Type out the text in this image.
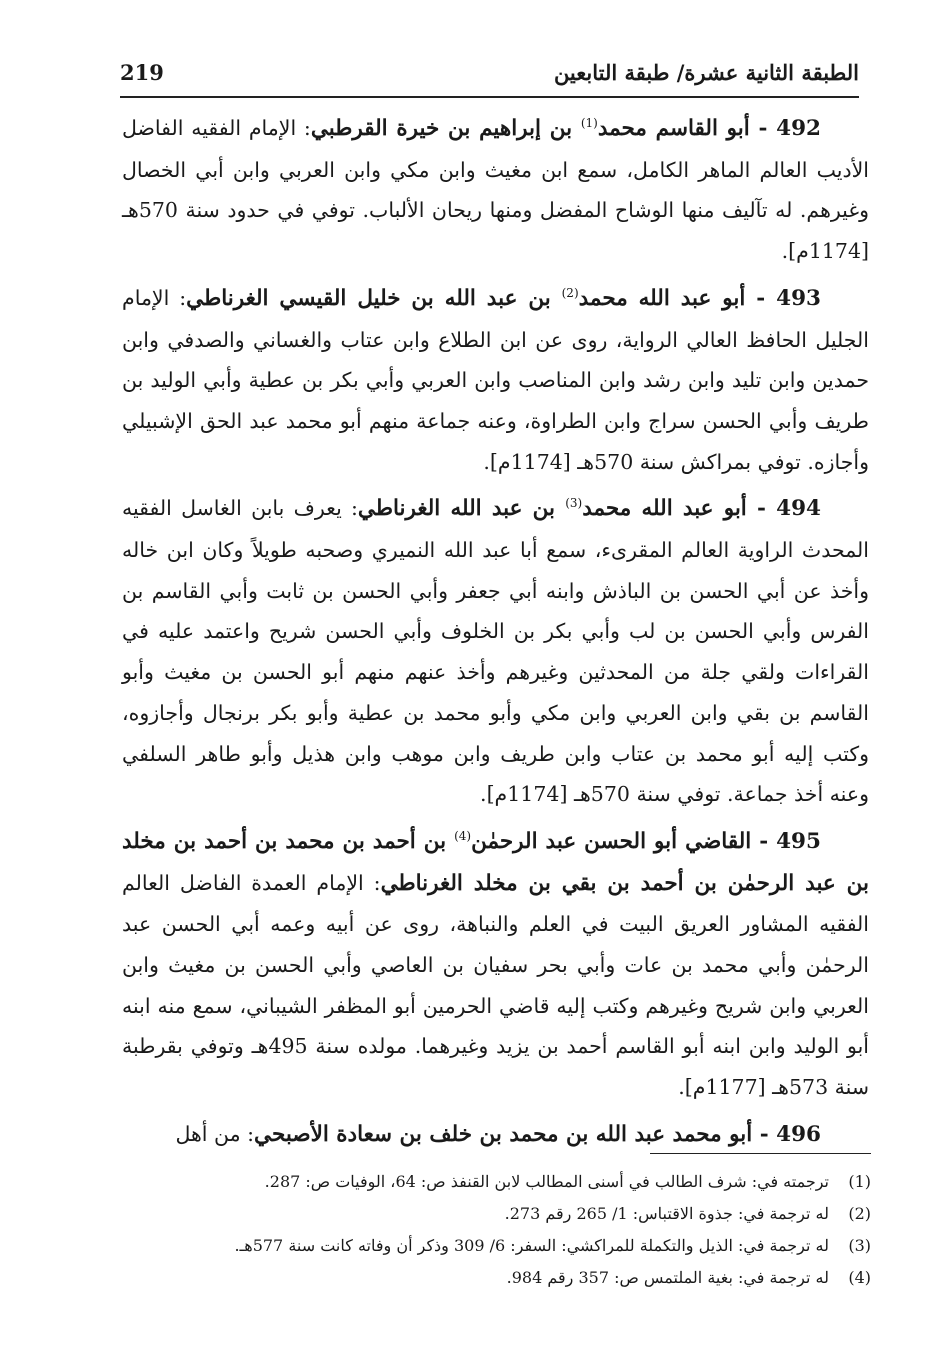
الطبقة الثانية عشرة/ طبقة التابعين
219

492 - أبو القاسم محمد$^{(1)}$ بن إبراهيم بن خيرة القرطبي: الإمام الفقيه الفاضل الأديب العالم الماهر الكامل، سمع ابن مغيث وابن مكي وابن العربي وابن أبي الخصال وغيرهم. له تآليف منها الوشاح المفضل ومنها ريحان الألباب. توفي في حدود سنة 570هـ [1174م].

493 - أبو عبد الله محمد$^{(2)}$ بن عبد الله بن خليل القيسي الغرناطي: الإمام الجليل الحافظ العالي الرواية، روى عن ابن الطلاع وابن عتاب والغساني والصدفي وابن حمدين وابن تليد وابن رشد وابن المناصب وابن العربي وأبي بكر بن عطية وأبي الوليد بن طريف وأبي الحسن سراج وابن الطراوة، وعنه جماعة منهم أبو محمد عبد الحق الإشبيلي وأجازه. توفي بمراكش سنة 570هـ [1174م].

494 - أبو عبد الله محمد$^{(3)}$ بن عبد الله الغرناطي: يعرف بابن الغاسل الفقيه المحدث الراوية العالم المقرىء، سمع أبا عبد الله النميري وصحبه طويلاً وكان ابن خاله وأخذ عن أبي الحسن بن الباذش وابنه أبي جعفر وأبي الحسن بن ثابت وأبي القاسم بن الفرس وأبي الحسن بن لب وأبي بكر بن الخلوف وأبي الحسن شريح واعتمد عليه في القراءات ولقي جلة من المحدثين وغيرهم وأخذ عنهم منهم أبو الحسن بن مغيث وأبو القاسم بن بقي وابن العربي وابن مكي وأبو محمد بن عطية وأبو بكر برنجال وأجازوه، وكتب إليه أبو محمد بن عتاب وابن طريف وابن موهب وابن هذيل وأبو طاهر السلفي وعنه أخذ جماعة. توفي سنة 570هـ [1174م].

495 - القاضي أبو الحسن عبد الرحمٰن$^{(4)}$ بن أحمد بن محمد بن أحمد بن مخلد بن عبد الرحمٰن بن أحمد بن بقي بن مخلد الغرناطي: الإمام العمدة الفاضل العالم الفقيه المشاور العريق البيت في العلم والنباهة، روى عن أبيه وعمه أبي الحسن عبد الرحمٰن وأبي محمد بن عات وأبي بحر سفيان بن العاصي وأبي الحسن بن مغيث وابن العربي وابن شريح وغيرهم وكتب إليه قاضي الحرمين أبو المظفر الشيباني، سمع منه ابنه أبو الوليد وابن ابنه أبو القاسم أحمد بن يزيد وغيرهما. مولده سنة 495هـ وتوفي بقرطبة سنة 573هـ [1177م].

496 - أبو محمد عبد الله بن محمد بن خلف بن سعادة الأصبحي: من أهل

(1)
ترجمته في: شرف الطالب في أسنى المطالب لابن القنفذ ص: 64، الوفيات ص: 287.
(2)
له ترجمة في: جذوة الاقتباس: 1/ 265 رقم 273.
(3)
له ترجمة في: الذيل والتكملة للمراكشي: السفر: 6/ 309 وذكر أن وفاته كانت سنة 577هـ.
(4)
له ترجمة في: بغية الملتمس ص: 357 رقم 984.
